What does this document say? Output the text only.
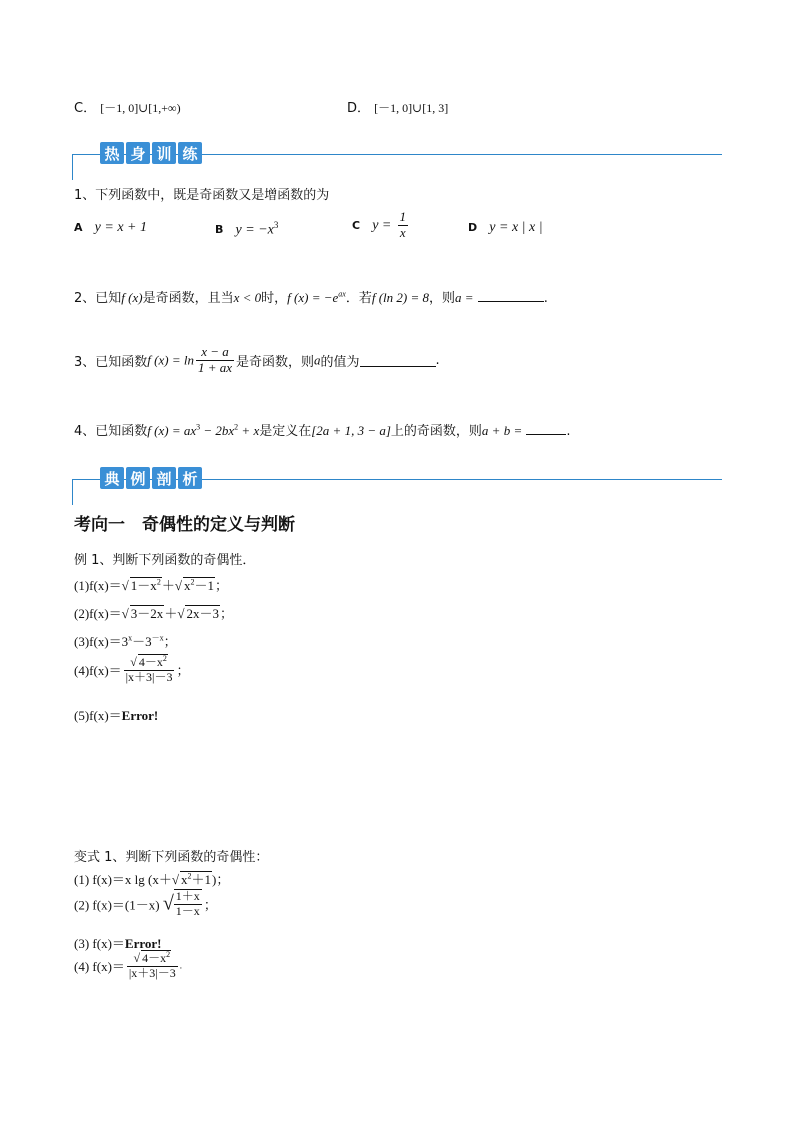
C． [－1, 0]∪[1,+∞)	D． [－1, 0]∪[1, 3]
热 身 训 练
1、下列函数中，既是奇函数又是增函数的为
A y = x + 1	B $y = -x^3$	C $y = \frac{1}{x}$	D y = x | x |
2、已知f (x)是奇函数，且当x < 0时，f $(x) = -e^{ax}$．若f (ln 2) = 8，则a =	.
3、已知函数f $(x) = \ln \frac{x - a}{1 + ax}$ 是奇函数，则a的值为	.
4、已知函数f $(x) = ax^3 - 2bx^2 + x$是定义在[2a + 1, 3 − a]上的奇函数，则a + b =	.
典 例 剖 析
考向一　奇偶性的定义与判断
例 1、判断下列函数的奇偶性．
(1)f(x)＝√ $1-x^2+√$ $x^2-1$；
(2)f(x)＝√ 3－2x＋√ 2x－3；
$(3)f(x)=3^x-3^{-x}$；
$(4)f(x)= \frac{√ 4-x^2}{|x+3|-3}$ ；
(5)f(x)＝Error!
变式 1、判断下列函数的奇偶性：
(1) f(x)＝x lg (x＋√ $x^2+1$)；
(2) f(x)＝(1－x) √ $\frac{1+x}{1-x}$ ；
(3) f(x)＝Error!
(4) $f(x)= \frac{√ 4-x^2}{|x+3|-3}$ .
